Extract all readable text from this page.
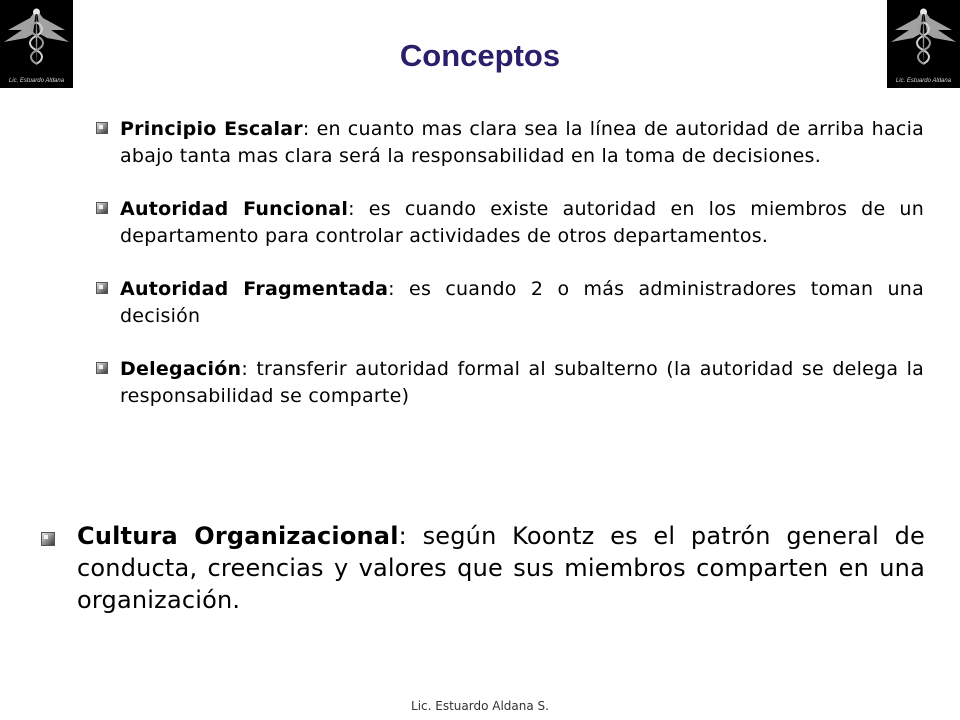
Lic. Estuardo Aldana	Lic. Estuardo Aldana
Conceptos

Principio Escalar: en cuanto mas clara sea la línea de autoridad de arriba hacia abajo tanta mas clara será la responsabilidad en la toma de decisiones.

Autoridad Funcional: es cuando existe autoridad en los miembros de un departamento para controlar actividades de otros departamentos.

Autoridad Fragmentada: es cuando 2 o más administradores toman una decisión

Delegación: transferir autoridad formal al subalterno (la autoridad se delega la responsabilidad se comparte)

Cultura Organizacional: según Koontz es el patrón general de conducta, creencias y valores que sus miembros comparten en una organización.

Lic. Estuardo Aldana S.
